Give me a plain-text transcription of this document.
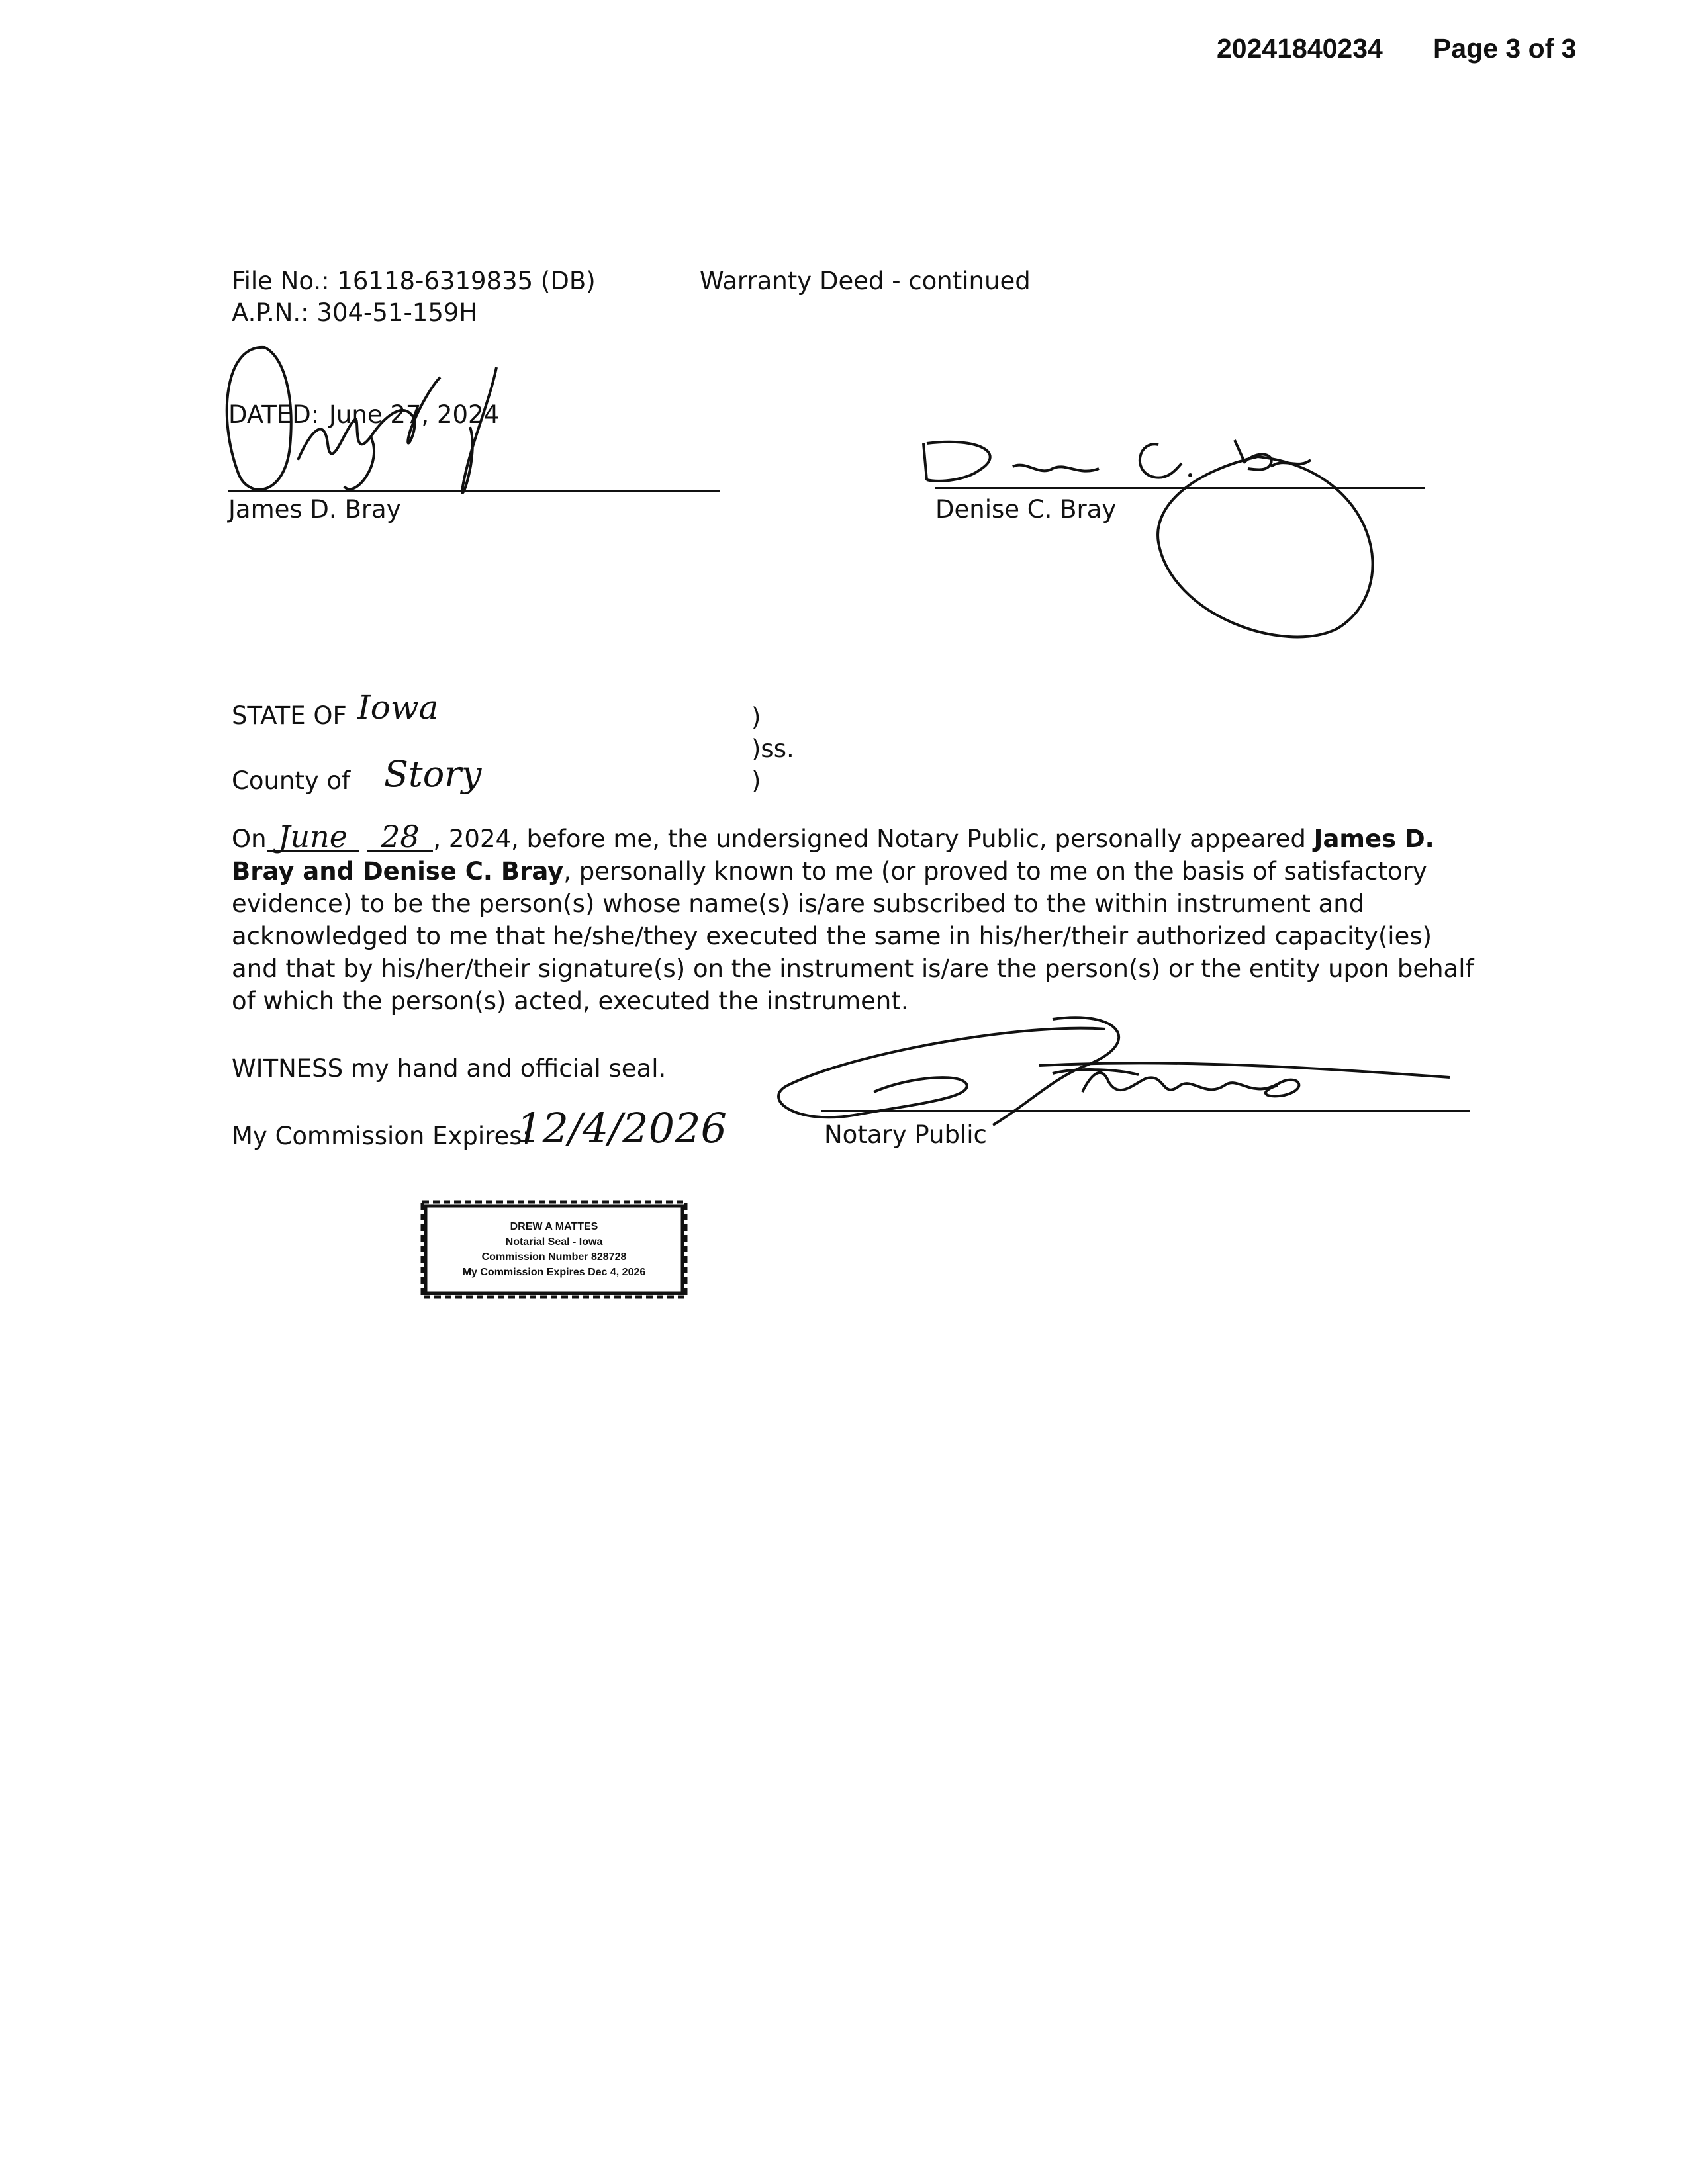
20241840234 Page 3 of 3
File No.: 16118-6319835 (DB)
A.P.N.: 304-51-159H
Warranty Deed - continued
DATED: June 27, 2024
James D. Bray	Denise C. Bray
STATE OF Iowa
County of Story
)
)ss.
)
On June 28 , 2024, before me, the undersigned Notary Public, personally appeared James D. Bray and Denise C. Bray, personally known to me (or proved to me on the basis of satisfactory evidence) to be the person(s) whose name(s) is/are subscribed to the within instrument and acknowledged to me that he/she/they executed the same in his/her/their authorized capacity(ies) and that by his/her/their signature(s) on the instrument is/are the person(s) or the entity upon behalf of which the person(s) acted, executed the instrument.
WITNESS my hand and official seal.
My Commission Expires:
12/4/2026	Notary Public
DREW A MATTES
Notarial Seal - Iowa
Commission Number 828728
My Commission Expires Dec 4, 2026
